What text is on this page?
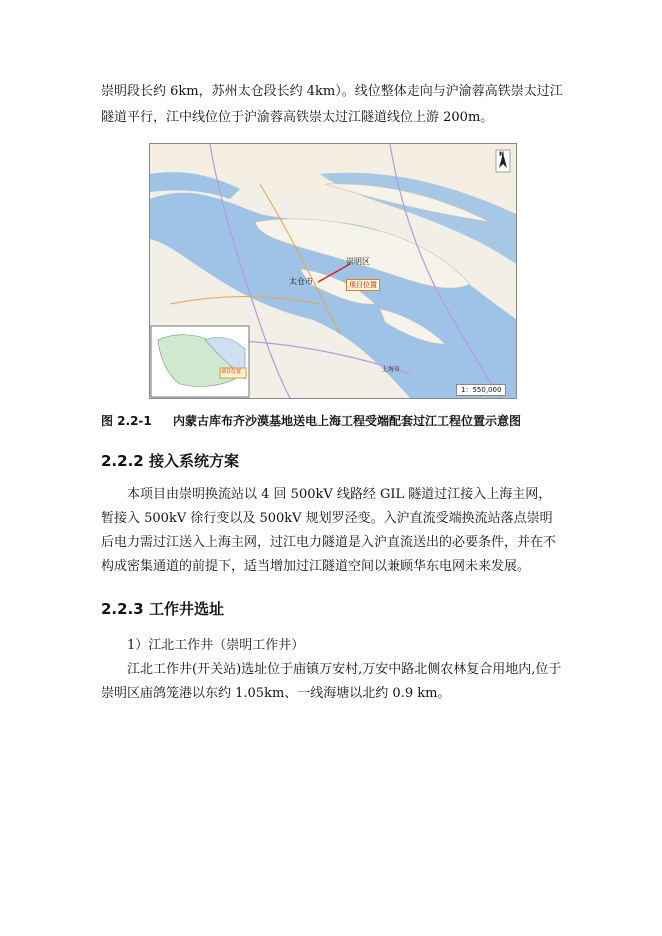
崇明段长约 6km，苏州太仓段长约 4km）。线位整体走向与沪渝蓉高铁崇太过江

隧道平行，江中线位位于沪渝蓉高铁崇太过江隧道线位上游 200m。

崇明区
太仓市	项目位置
上海市
N
1：550,000
项目位置
图 2.2-1 内蒙古库布齐沙漠基地送电上海工程受端配套过江工程位置示意图
2.2.2 接入系统方案

本项目由崇明换流站以 4 回 500kV 线路经 GIL 隧道过江接入上海主网，暂接入 500kV 徐行变以及 500kV 规划罗泾变。入沪直流受端换流站落点崇明后电力需过江送入上海主网，过江电力隧道是入沪直流送出的必要条件，并在不构成密集通道的前提下，适当增加过江隧道空间以兼顾华东电网未来发展。

2.2.3 工作井选址

1）江北工作井（崇明工作井）

江北工作井(开关站)选址位于庙镇万安村,万安中路北侧农林复合用地内,位于崇明区庙鸽笼港以东约 1.05km、一线海塘以北约 0.9 km。
